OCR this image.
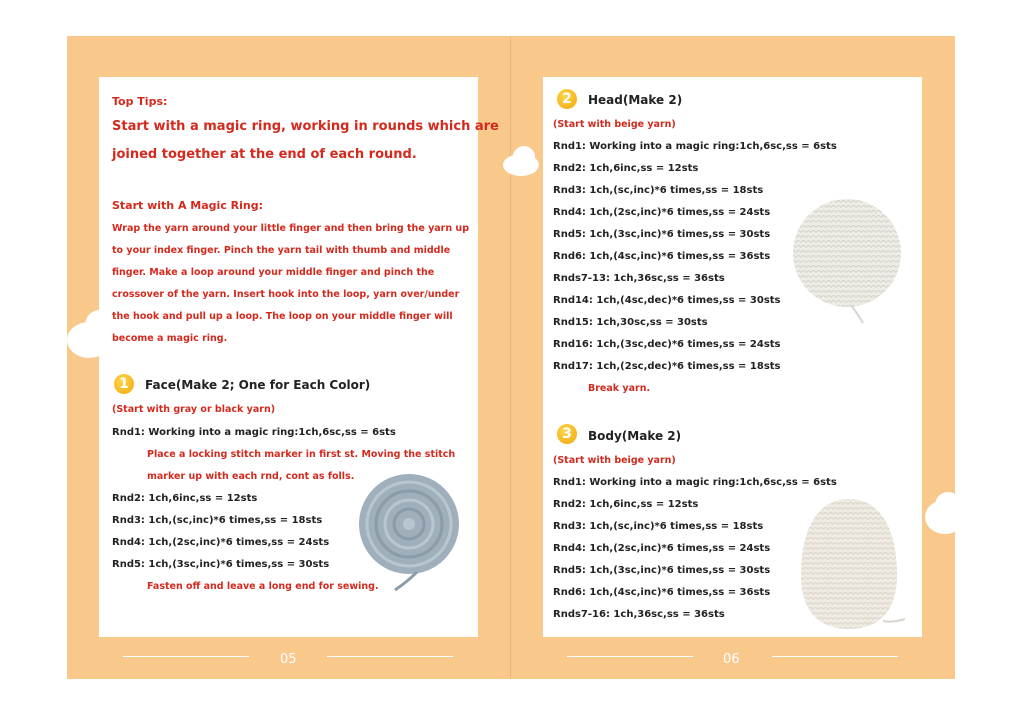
Top Tips:
Start with a magic ring, working in rounds which are
joined together at the end of each round.
Start with A Magic Ring:
Wrap the yarn around your little finger and then bring the yarn up
to your index finger. Pinch the yarn tail with thumb and middle
finger. Make a loop around your middle finger and pinch the
crossover of the yarn. Insert hook into the loop, yarn over/under
the hook and pull up a loop. The loop on your middle finger will
become a magic ring.
1	Face(Make 2; One for Each Color)
(Start with gray or black yarn)
Rnd1: Working into a magic ring:1ch,6sc,ss = 6sts
Place a locking stitch marker in first st. Moving the stitch
marker up with each rnd, cont as folls.
Rnd2: 1ch,6inc,ss = 12sts
Rnd3: 1ch,(sc,inc)*6 times,ss = 18sts
Rnd4: 1ch,(2sc,inc)*6 times,ss = 24sts
Rnd5: 1ch,(3sc,inc)*6 times,ss = 30sts
Fasten off and leave a long end for sewing.
2	Head(Make 2)
(Start with beige yarn)
Rnd1: Working into a magic ring:1ch,6sc,ss = 6sts
Rnd2: 1ch,6inc,ss = 12sts
Rnd3: 1ch,(sc,inc)*6 times,ss = 18sts
Rnd4: 1ch,(2sc,inc)*6 times,ss = 24sts
Rnd5: 1ch,(3sc,inc)*6 times,ss = 30sts
Rnd6: 1ch,(4sc,inc)*6 times,ss = 36sts
Rnds7-13: 1ch,36sc,ss = 36sts
Rnd14: 1ch,(4sc,dec)*6 times,ss = 30sts
Rnd15: 1ch,30sc,ss = 30sts
Rnd16: 1ch,(3sc,dec)*6 times,ss = 24sts
Rnd17: 1ch,(2sc,dec)*6 times,ss = 18sts
Break yarn.
3	Body(Make 2)
(Start with beige yarn)
Rnd1: Working into a magic ring:1ch,6sc,ss = 6sts
Rnd2: 1ch,6inc,ss = 12sts
Rnd3: 1ch,(sc,inc)*6 times,ss = 18sts
Rnd4: 1ch,(2sc,inc)*6 times,ss = 24sts
Rnd5: 1ch,(3sc,inc)*6 times,ss = 30sts
Rnd6: 1ch,(4sc,inc)*6 times,ss = 36sts
Rnds7-16: 1ch,36sc,ss = 36sts
05	06
